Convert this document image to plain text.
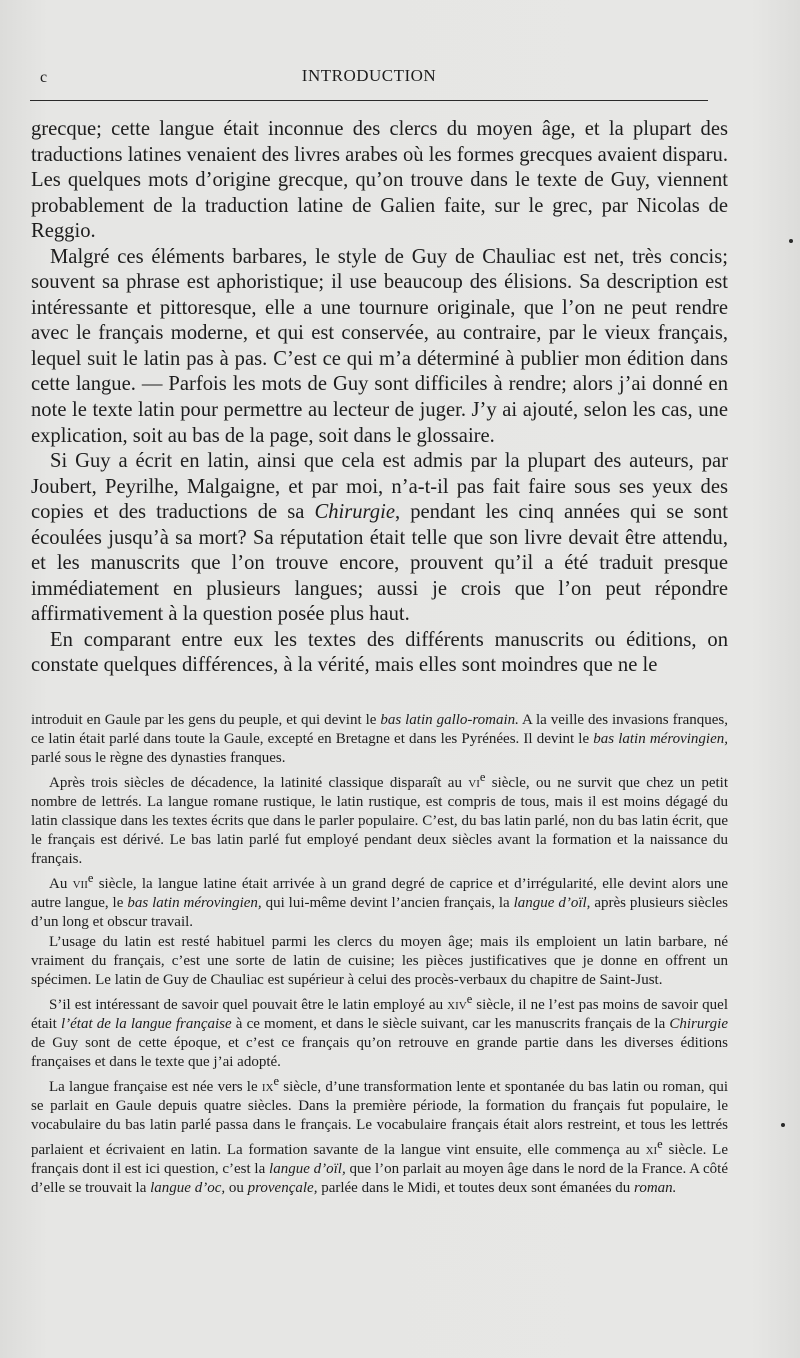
c	INTRODUCTION

grecque; cette langue était inconnue des clercs du moyen âge, et la plupart des traductions latines venaient des livres arabes où les formes grecques avaient disparu. Les quelques mots d’origine grecque, qu’on trouve dans le texte de Guy, viennent probablement de la traduction latine de Galien faite, sur le grec, par Nicolas de Reggio.

Malgré ces éléments barbares, le style de Guy de Chauliac est net, très concis; souvent sa phrase est aphoristique; il use beaucoup des élisions. Sa description est intéressante et pittoresque, elle a une tournure originale, que l’on ne peut rendre avec le français moderne, et qui est conservée, au contraire, par le vieux français, lequel suit le latin pas à pas. C’est ce qui m’a déterminé à publier mon édition dans cette langue. — Parfois les mots de Guy sont difficiles à rendre; alors j’ai donné en note le texte latin pour permettre au lecteur de juger. J’y ai ajouté, selon les cas, une explication, soit au bas de la page, soit dans le glossaire.

Si Guy a écrit en latin, ainsi que cela est admis par la plupart des auteurs, par Joubert, Peyrilhe, Malgaigne, et par moi, n’a-t-il pas fait faire sous ses yeux des copies et des traductions de sa Chirurgie, pendant les cinq années qui se sont écoulées jusqu’à sa mort? Sa réputation était telle que son livre devait être attendu, et les manuscrits que l’on trouve encore, prouvent qu’il a été traduit presque immédiatement en plusieurs langues; aussi je crois que l’on peut répondre affirmativement à la question posée plus haut.

En comparant entre eux les textes des différents manuscrits ou éditions, on constate quelques différences, à la vérité, mais elles sont moindres que ne le

introduit en Gaule par les gens du peuple, et qui devint le bas latin gallo-romain. A la veille des invasions franques, ce latin était parlé dans toute la Gaule, excepté en Bretagne et dans les Pyrénées. Il devint le bas latin mérovingien, parlé sous le règne des dynasties franques.

Après trois siècles de décadence, la latinité classique disparaît au $vi^e$ siècle, ou ne survit que chez un petit nombre de lettrés. La langue romane rustique, le latin rustique, est compris de tous, mais il est moins dégagé du latin classique dans les textes écrits que dans le parler populaire. C’est, du bas latin parlé, non du bas latin écrit, que le français est dérivé. Le bas latin parlé fut employé pendant deux siècles avant la formation et la naissance du français.

Au vii$^e$ siècle, la langue latine était arrivée à un grand degré de caprice et d’irrégularité, elle devint alors une autre langue, le bas latin mérovingien, qui lui-même devint l’ancien français, la langue d’oïl, après plusieurs siècles d’un long et obscur travail.

L’usage du latin est resté habituel parmi les clercs du moyen âge; mais ils emploient un latin barbare, né vraiment du français, c’est une sorte de latin de cuisine; les pièces justificatives que je donne en offrent un spécimen. Le latin de Guy de Chauliac est supérieur à celui des procès-verbaux du chapitre de Saint-Just.

S’il est intéressant de savoir quel pouvait être le latin employé au xiv$^e$ siècle, il ne l’est pas moins de savoir quel était l’état de la langue française à ce moment, et dans le siècle suivant, car les manuscrits français de la Chirurgie de Guy sont de cette époque, et c’est ce français qu’on retrouve en grande partie dans les diverses éditions françaises et dans le texte que j’ai adopté.

La langue française est née vers le $ix^e$ siècle, d’une transformation lente et spontanée du bas latin ou roman, qui se parlait en Gaule depuis quatre siècles. Dans la première période, la formation du français fut populaire, le vocabulaire du bas latin parlé passa dans le français. Le vocabulaire français était alors restreint, et tous les lettrés parlaient et écrivaient en latin. La formation savante de la langue vint ensuite, elle commença au $xi^e$ siècle. Le français dont il est ici question, c’est la langue d’oïl, que l’on parlait au moyen âge dans le nord de la France. A côté d’elle se trouvait la langue d’oc, ou provençale, parlée dans le Midi, et toutes deux sont émanées du roman.
